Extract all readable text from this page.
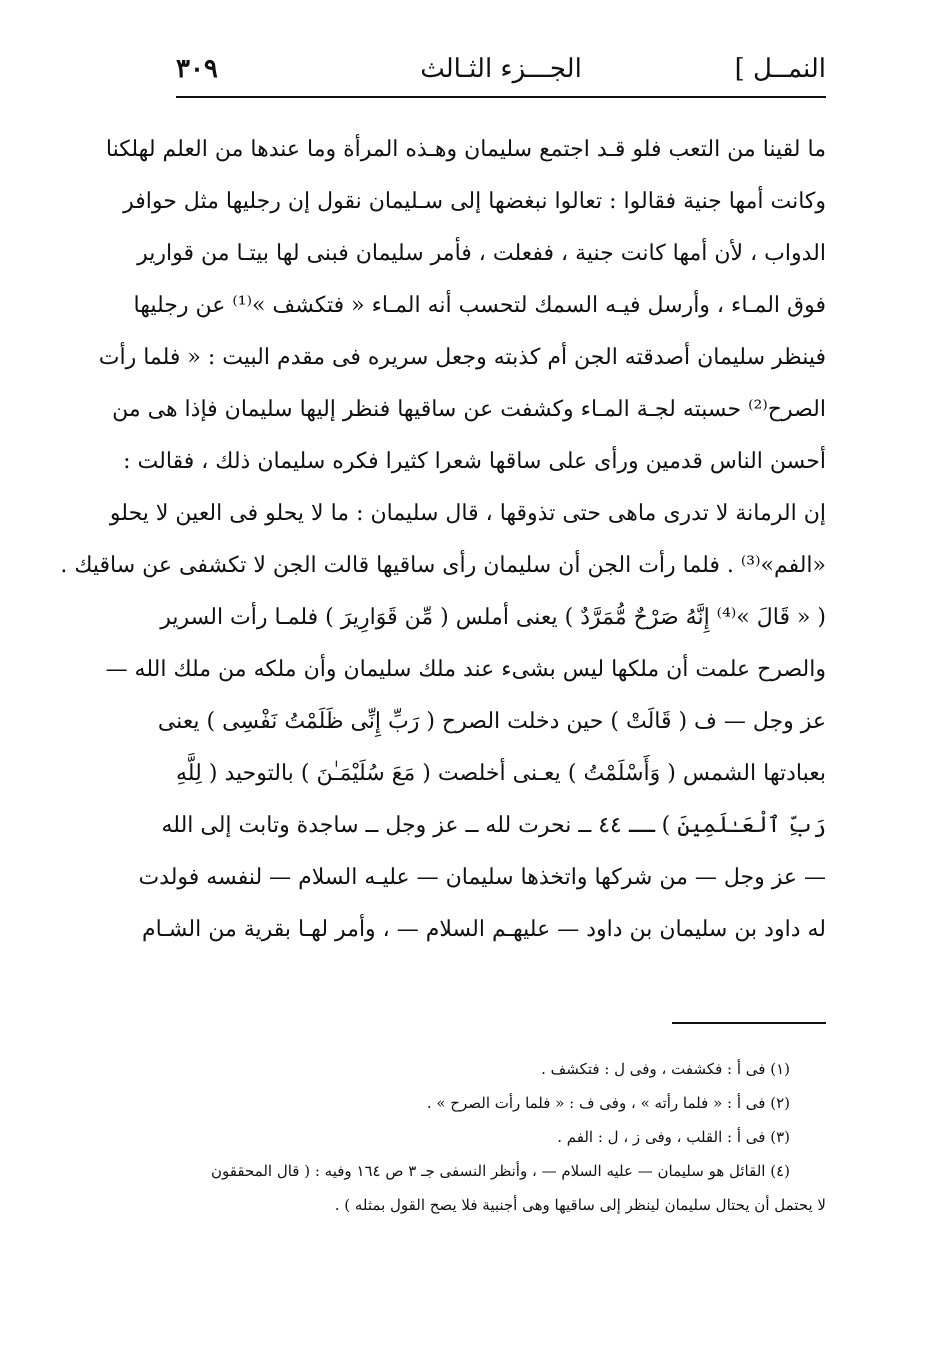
النمــل ]
الجـــزء الثـالث
٣٠٩
ما لقينا من التعب فلو قـد اجتمع سليمان وهـذه المرأة وما عندها من العلم لهلكنا
وكانت أمها جنية فقالوا : تعالوا نبغضها إلى سـليمان نقول إن رجليها مثل حوافر
الدواب ، لأن أمها كانت جنية ، ففعلت ، فأمر سليمان فبنى لها بيتـا من قوارير
فوق المـاء ، وأرسل فيـه السمك لتحسب أنه المـاء « فتكشف »⁽¹⁾ عن رجليها
فينظر سليمان أصدقته الجن أم كذبته وجعل سريره فى مقدم البيت : « فلما رأت
الصرح⁽²⁾ حسبته لجـة المـاء وكشفت عن ساقيها فنظر إليها سليمان فإذا هى من
أحسن الناس قدمين ورأى على ساقها شعرا كثيرا فكره سليمان ذلك ، فقالت :
إن الرمانة لا تدرى ماهى حتى تذوقها ، قال سليمان : ما لا يحلو فى العين لا يحلو
«الفم»⁽³⁾ . فلما رأت الجن أن سليمان رأى ساقيها قالت الجن لا تكشفى عن ساقيك .
( « قَالَ »⁽⁴⁾ إِنَّهُ صَرْحٌ مُّمَرَّدٌ ) يعنى أملس ( مِّن قَوَارِيرَ ) فلمـا رأت السرير
والصرح علمت أن ملكها ليس بشىء عند ملك سليمان وأن ملكه من ملك الله —
عز وجل — ف ( قَالَتْ ) حين دخلت الصرح ( رَبِّ إِنِّى ظَلَمْتُ نَفْسِى ) يعنى
بعبادتها الشمس ( وَأَسْلَمْتُ ) يعـنى أخلصت ( مَعَ سُلَيْمَـٰنَ ) بالتوحيد ( لِلَّهِ
رَبِّ ٱلْعَـٰلَمِينَ ) ــ ٤٤ ــ نحرت لله ــ عز وجل ــ ساجدة وتابت إلى الله
— عز وجل — من شركها واتخذها سليمان — عليـه السلام — لنفسه فولدت
له داود بن سليمان بن داود — عليهـم السلام — ، وأمر لهـا بقرية من الشـام
(١) فى أ : فكشفت ، وفى ل : فتكشف .
(٢) فى أ : « فلما رأته » ، وفى ف : « فلما رأت الصرح » .
(٣) فى أ : القلب ، وفى ز ، ل : الفم .
(٤) القائل هو سليمان — عليه السلام — ، وأنظر النسفى جـ ٣ ص ١٦٤ وفيه : ( قال المحققون
لا يحتمل أن يحتال سليمان لينظر إلى ساقيها وهى أجنبية فلا يصح القول بمثله ) .
